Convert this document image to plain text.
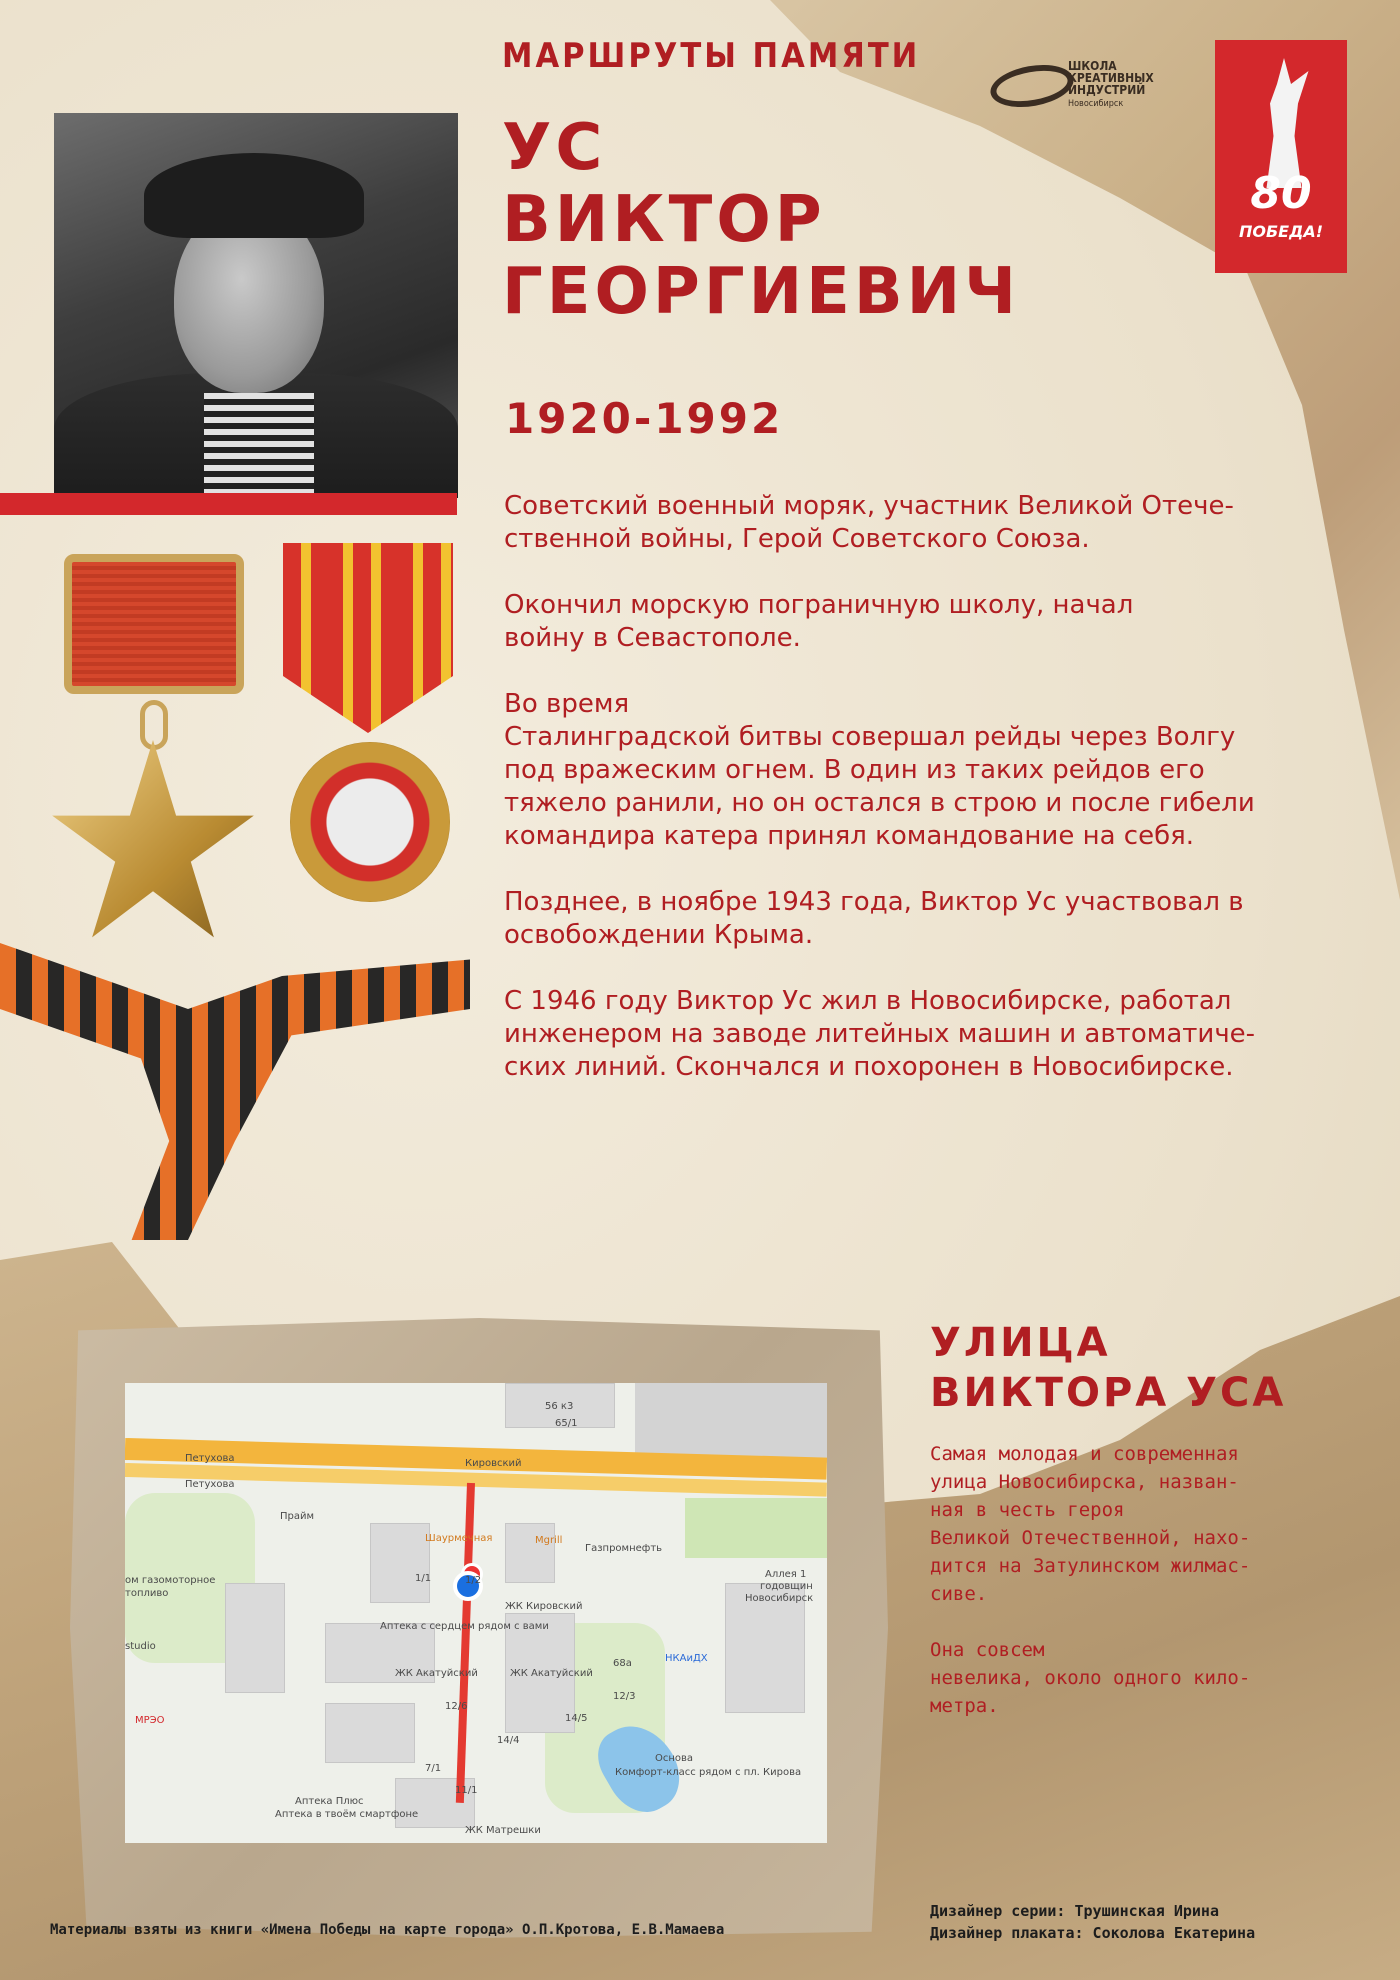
МАРШРУТЫ ПАМЯТИ
УС
ВИКТОР
ГЕОРГИЕВИЧ
1920-1992
ШКОЛА
КРЕАТИВНЫХ
ИНДУСТРИЙ
Новосибирск
80
ПОБЕДА!

Советский военный моряк, участник Великой Отече-
ственной войны, Герой Советского Союза.

Окончил морскую пограничную школу, начал
войну в Севастополе.

Во время
Сталинградской битвы совершал рейды через Волгу
под вражеским огнем. В один из таких рейдов его
тяжело ранили, но он остался в строю и после гибели
командира катера принял командование на себя.

Позднее, в ноябре 1943 года, Виктор Ус участвовал в
освобождении Крыма.

С 1946 году Виктор Ус жил в Новосибирске, работал
инженером на заводе литейных машин и автоматиче-
ских линий. Скончался и похоронен в Новосибирске.

Петухова
Петухова
Кировский
Прайм
Шаурмечная	Mgrill
Газпромнефть
ом газомоторное
топливо
studio
МРЭО
Аптека с сердцем рядом с вами
ЖК Акатуйский	ЖК Акатуйский
ЖК Кировский
НКАиДХ
Основа
Комфорт-класс рядом с пл. Кирова
Аптека Плюс
Аптека в твоём смартфоне
ЖК Матрешки
Аллея 1
годовщин
Новосибирск
56 к3
65/1
1/1	1/2
12/6
14/5
12/3
14/4
68а
11/1
7/1
УЛИЦА
ВИКТОРА УСА

Самая молодая и современная
улица Новосибирска, назван-
ная в честь героя
Великой Отечественной, нахо-
дится на Затулинском жилмас-
сиве.

Она совсем
невелика, около одного кило-
метра.

Материалы взяты из книги «Имена Победы на карте города» О.П.Кротова, Е.В.Мамаева
Дизайнер серии: Трушинская Ирина
Дизайнер плаката: Соколова Екатерина
